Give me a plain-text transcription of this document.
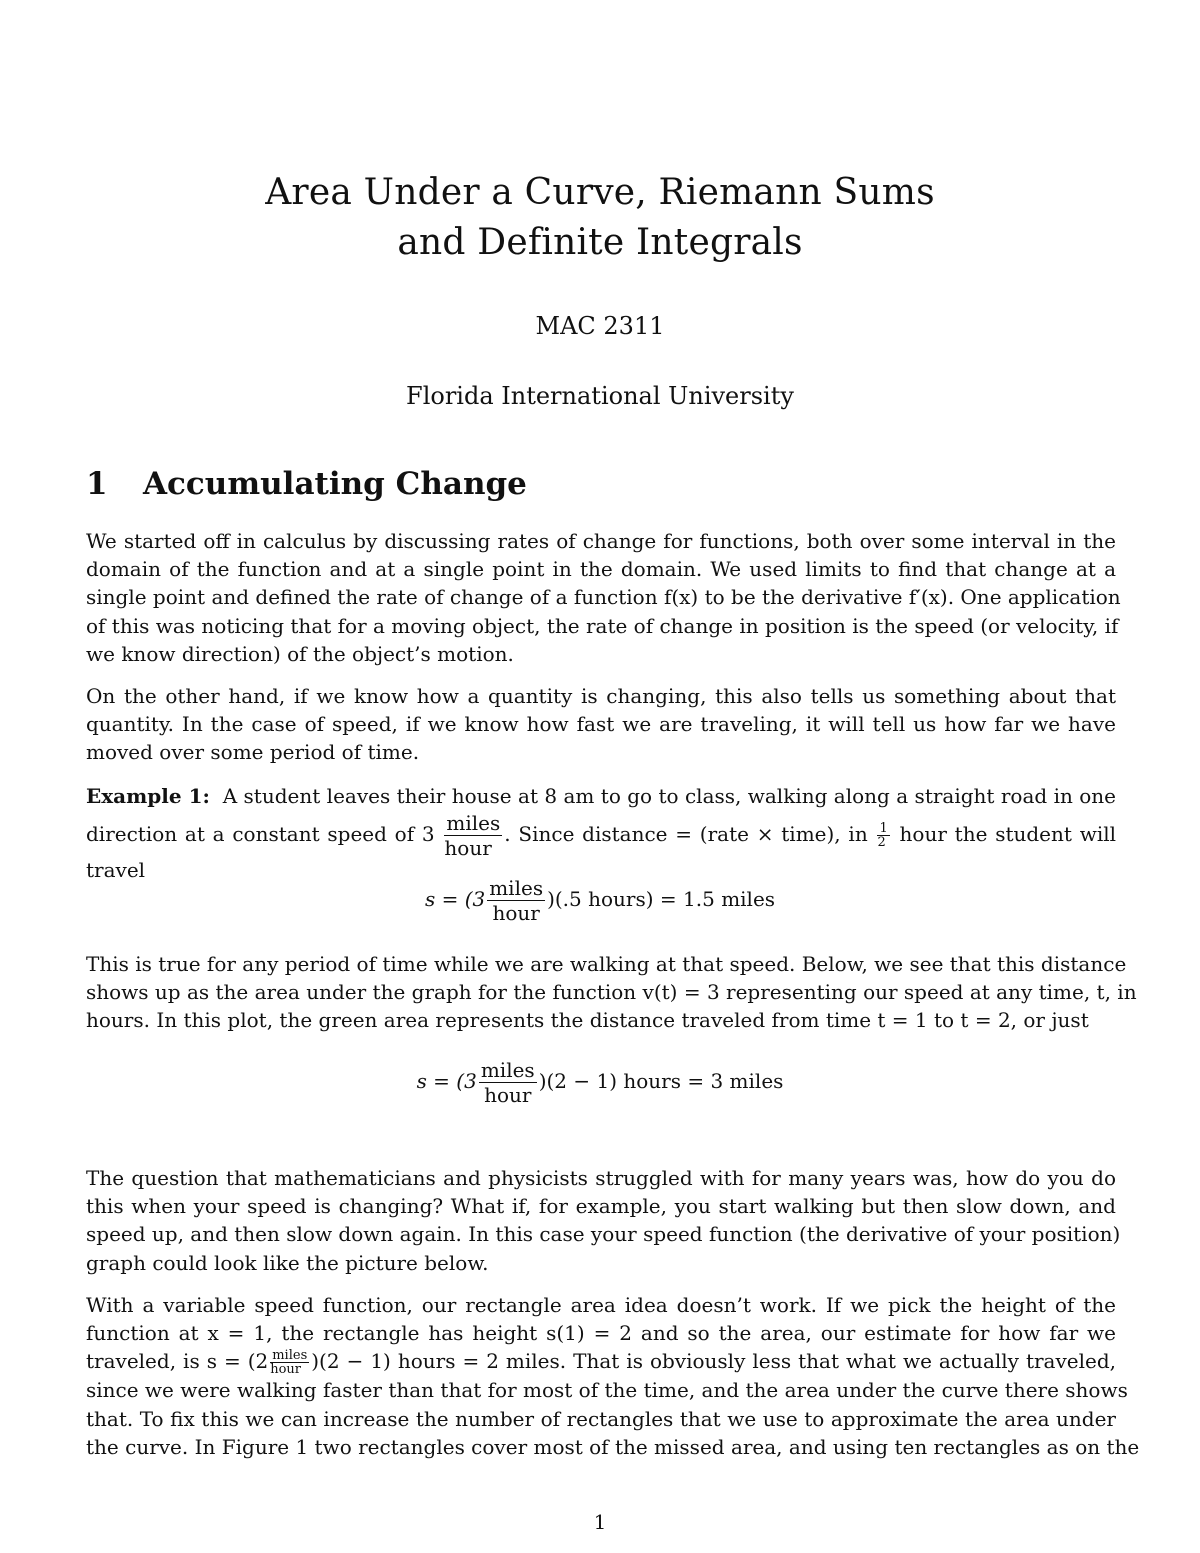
Area Under a Curve, Riemann Sums
and Definite Integrals
MAC 2311
Florida International University
1 Accumulating Change
We started off in calculus by discussing rates of change for functions, both over some interval in the
domain of the function and at a single point in the domain. We used limits to find that change at a
single point and defined the rate of change of a function f(x) to be the derivative f′(x). One application
of this was noticing that for a moving object, the rate of change in position is the speed (or velocity, if
we know direction) of the object’s motion.
On the other hand, if we know how a quantity is changing, this also tells us something about that
quantity. In the case of speed, if we know how fast we are traveling, it will tell us how far we have
moved over some period of time.
Example 1: A student leaves their house at 8 am to go to class, walking along a straight road in one
direction at a constant speed of $3 \frac{\text{miles}}{\text{hour}}$ . Since distance = (rate × time), in $\frac{1}{2}$ hour the student will
travel
$s = (3 \frac{\text{miles}}{\text{hour}} )(.5$ hours) = 1.5 miles
This is true for any period of time while we are walking at that speed. Below, we see that this distance
shows up as the area under the graph for the function v(t) = 3 representing our speed at any time, t, in
hours. In this plot, the green area represents the distance traveled from time t = 1 to t = 2, or just
$s = (3 \frac{\text{miles}}{\text{hour}} )(2 - 1)$ hours = 3 miles
The question that mathematicians and physicists struggled with for many years was, how do you do
this when your speed is changing? What if, for example, you start walking but then slow down, and
speed up, and then slow down again. In this case your speed function (the derivative of your position)
graph could look like the picture below.
With a variable speed function, our rectangle area idea doesn’t work. If we pick the height of the
function at x = 1, the rectangle has height s(1) = 2 and so the area, our estimate for how far we
traveled, is $s = (2 \frac{\text{miles}}{\text{hour}} )(2 - 1)$ hours = 2 miles. That is obviously less that what we actually traveled,
since we were walking faster than that for most of the time, and the area under the curve there shows
that. To fix this we can increase the number of rectangles that we use to approximate the area under
the curve. In Figure 1 two rectangles cover most of the missed area, and using ten rectangles as on the
1
